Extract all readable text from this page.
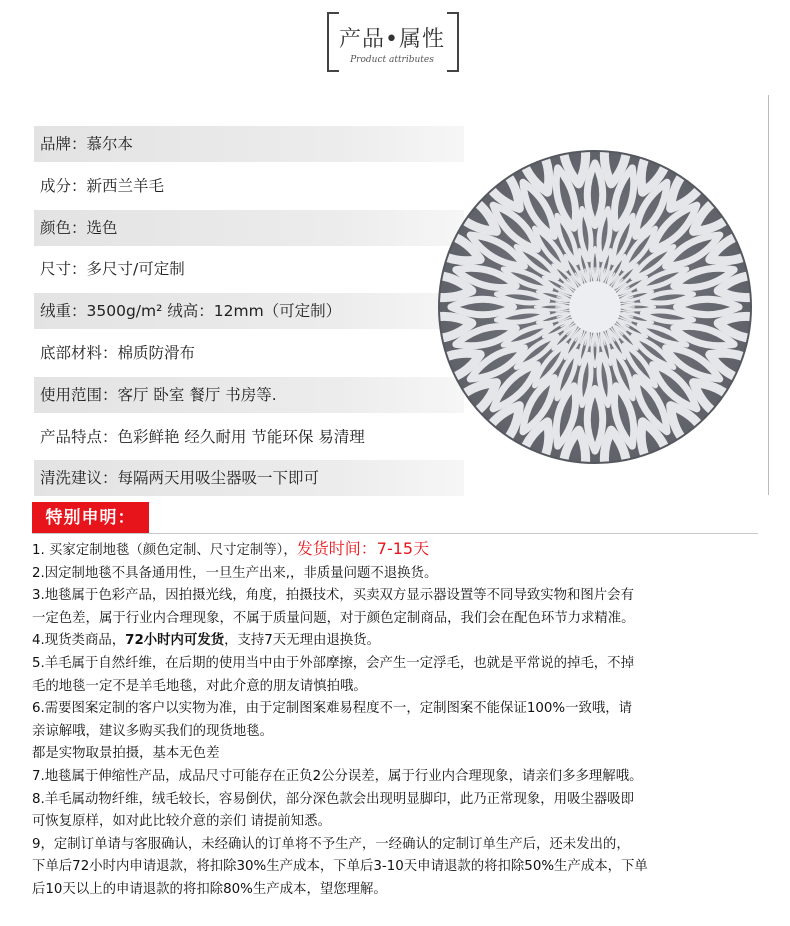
产品•属性
Product attributes
品牌：慕尔本
成分：新西兰羊毛
颜色：选色
尺寸：多尺寸/可定制
绒重：3500g/m² 绒高：12mm（可定制）
底部材料：棉质防滑布
使用范围：客厅 卧室 餐厅 书房等.
产品特点：色彩鲜艳 经久耐用 节能环保 易清理
清洗建议：每隔两天用吸尘器吸一下即可
特别申明：

1. 买家定制地毯（颜色定制、尺寸定制等），发货时间：7-15天

2.因定制地毯不具备通用性，一旦生产出来,，非质量问题不退换货。

3.地毯属于色彩产品，因拍摄光线，角度，拍摄技术，买卖双方显示器设置等不同导致实物和图片会有

一定色差，属于行业内合理现象，不属于质量问题，对于颜色定制商品，我们会在配色环节力求精准。

4.现货类商品，72小时内可发货，支持7天无理由退换货。

5.羊毛属于自然纤维，在后期的使用当中由于外部摩擦，会产生一定浮毛，也就是平常说的掉毛，不掉

毛的地毯一定不是羊毛地毯，对此介意的朋友请慎拍哦。

6.需要图案定制的客户以实物为准，由于定制图案难易程度不一，定制图案不能保证100%一致哦，请

亲谅解哦，建议多购买我们的现货地毯。

都是实物取景拍摄，基本无色差

7.地毯属于伸缩性产品，成品尺寸可能存在正负2公分误差，属于行业内合理现象，请亲们多多理解哦。

8.羊毛属动物纤维，绒毛较长，容易倒伏，部分深色款会出现明显脚印，此乃正常现象，用吸尘器吸即

可恢复原样，如对此比较介意的亲们 请提前知悉。

9，定制订单请与客服确认，未经确认的订单将不予生产，一经确认的定制订单生产后，还未发出的，

下单后72小时内申请退款，将扣除30%生产成本，下单后3-10天申请退款的将扣除50%生产成本，下单

后10天以上的申请退款的将扣除80%生产成本，望您理解。
